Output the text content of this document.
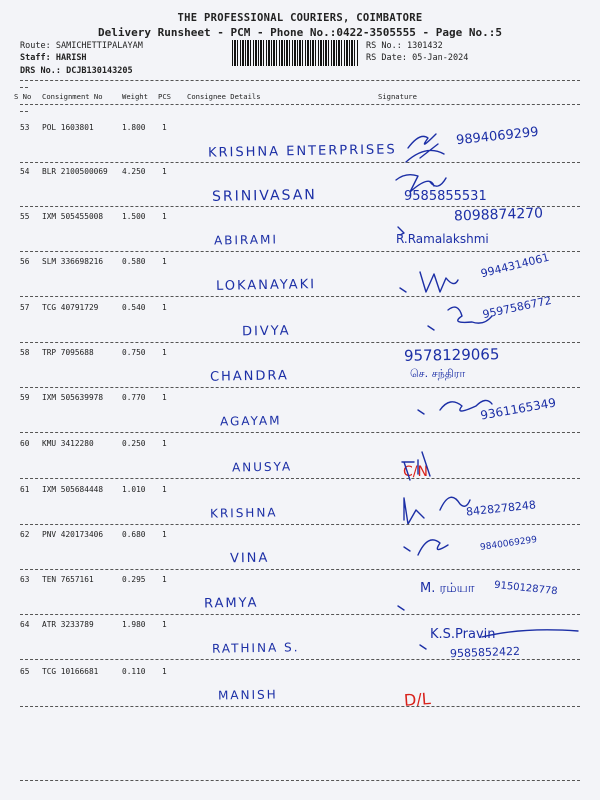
THE PROFESSIONAL COURIERS, COIMBATORE
Delivery Runsheet - PCM - Phone No.:0422-3505555 - Page No.:5
Route: SAMICHETTIPALAYAM
Staff: HARISH
DRS No.: DCJB130143205
RS No.: 1301432
RS Date: 05-Jan-2024
S No Consignment No	Weight PCS Consignee Details	Signature
53 POL 1603801	1.800 1
KRISHNA ENTERPRISES
9894069299
54 BLR 2100500069 4.250 1
SRINIVASAN	9585855531
55 IXM 505455008 1.500 1
ABIRAMI
8098874270
R.Ramalakshmi
56 SLM 336698216 0.580 1
LOKANAYAKI
9944314061
57 TCG 40791729	0.540 1
DIVYA
9597586772
58 TRP 7095688	0.750 1
CHANDRA
9578129065
செ. சந்திரா
59 IXM 505639978 0.770 1
AGAYAM	9361165349
60 KMU 3412280	0.250 1
ANUSYA	C/N
61 IXM 505684448 1.010 1
KRISHNA	8428278248
62 PNV 420173406 0.680 1
VINA
9840069299
63 TEN 7657161	0.295 1
RAMYA
M. ரம்யா 9150128778
64 ATR 3233789	1.980 1
RATHINA S.
K.S.Pravin
9585852422
65 TCG 10166681	0.110 1
MANISH	D/L
